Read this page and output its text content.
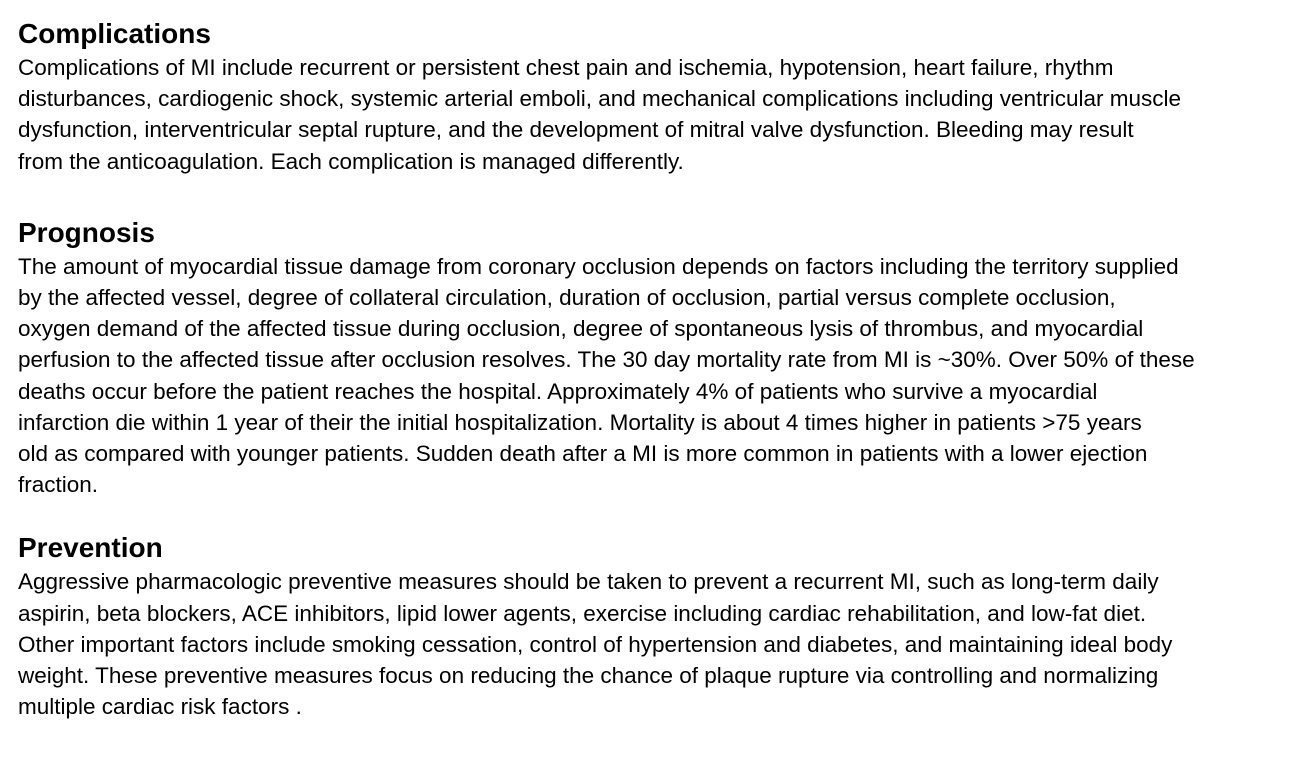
Complications

Complications of MI include recurrent or persistent chest pain and ischemia, hypotension, heart failure, rhythm
disturbances, cardiogenic shock, systemic arterial emboli, and mechanical complications including ventricular muscle
dysfunction, interventricular septal rupture, and the development of mitral valve dysfunction. Bleeding may result
from the anticoagulation. Each complication is managed differently.

Prognosis

The amount of myocardial tissue damage from coronary occlusion depends on factors including the territory supplied
by the affected vessel, degree of collateral circulation, duration of occlusion, partial versus complete occlusion,
oxygen demand of the affected tissue during occlusion, degree of spontaneous lysis of thrombus, and myocardial
perfusion to the affected tissue after occlusion resolves. The 30 day mortality rate from MI is ~30%. Over 50% of these
deaths occur before the patient reaches the hospital. Approximately 4% of patients who survive a myocardial
infarction die within 1 year of their the initial hospitalization. Mortality is about 4 times higher in patients >75 years
old as compared with younger patients. Sudden death after a MI is more common in patients with a lower ejection
fraction.

Prevention

Aggressive pharmacologic preventive measures should be taken to prevent a recurrent MI, such as long-term daily
aspirin, beta blockers, ACE inhibitors, lipid lower agents, exercise including cardiac rehabilitation, and low-fat diet.
Other important factors include smoking cessation, control of hypertension and diabetes, and maintaining ideal body
weight. These preventive measures focus on reducing the chance of plaque rupture via controlling and normalizing
multiple cardiac risk factors .
